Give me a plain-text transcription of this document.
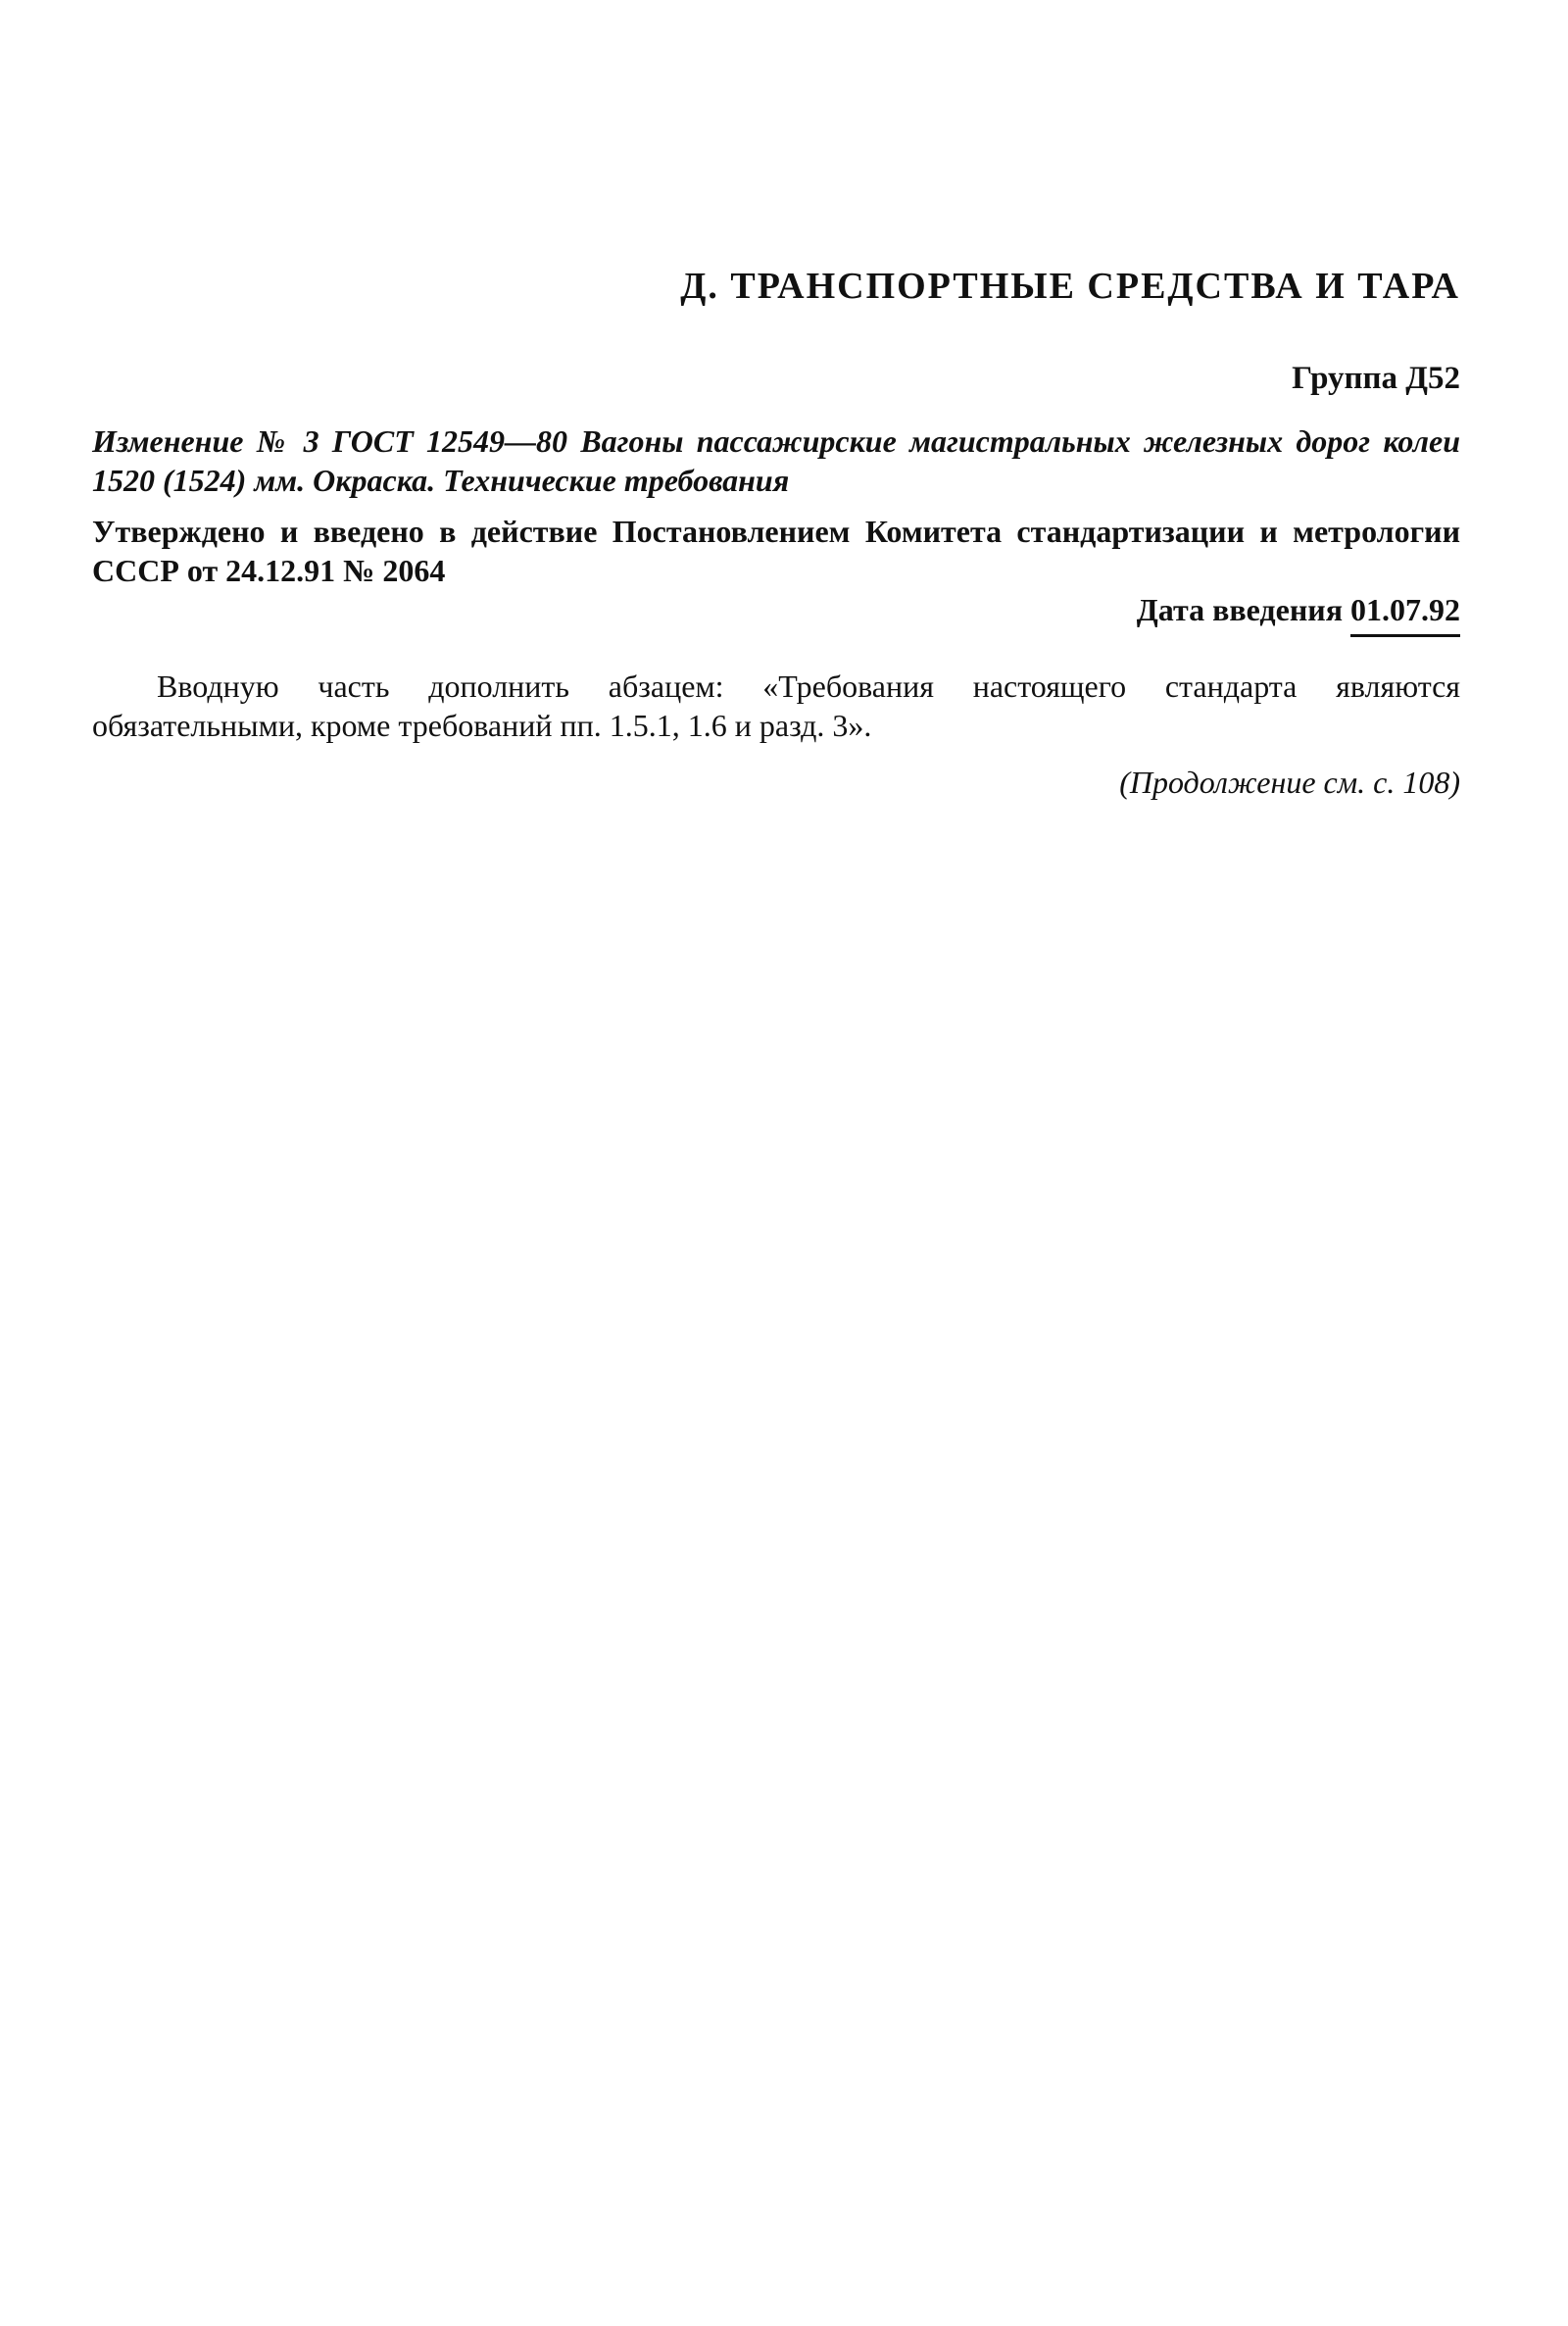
Д. ТРАНСПОРТНЫЕ СРЕДСТВА И ТАРА
Группа Д52
Изменение № 3 ГОСТ 12549—80 Вагоны пассажирские магистральных железных дорог колеи 1520 (1524) мм. Окраска. Технические требования
Утверждено и введено в действие Постановлением Комитета стандартизации и метрологии СССР от 24.12.91 № 2064
Дата введения 01.07.92
Вводную часть дополнить абзацем: «Требования настоящего стандарта являются обязательными, кроме требований пп. 1.5.1, 1.6 и разд. 3».
(Продолжение см. с. 108)
